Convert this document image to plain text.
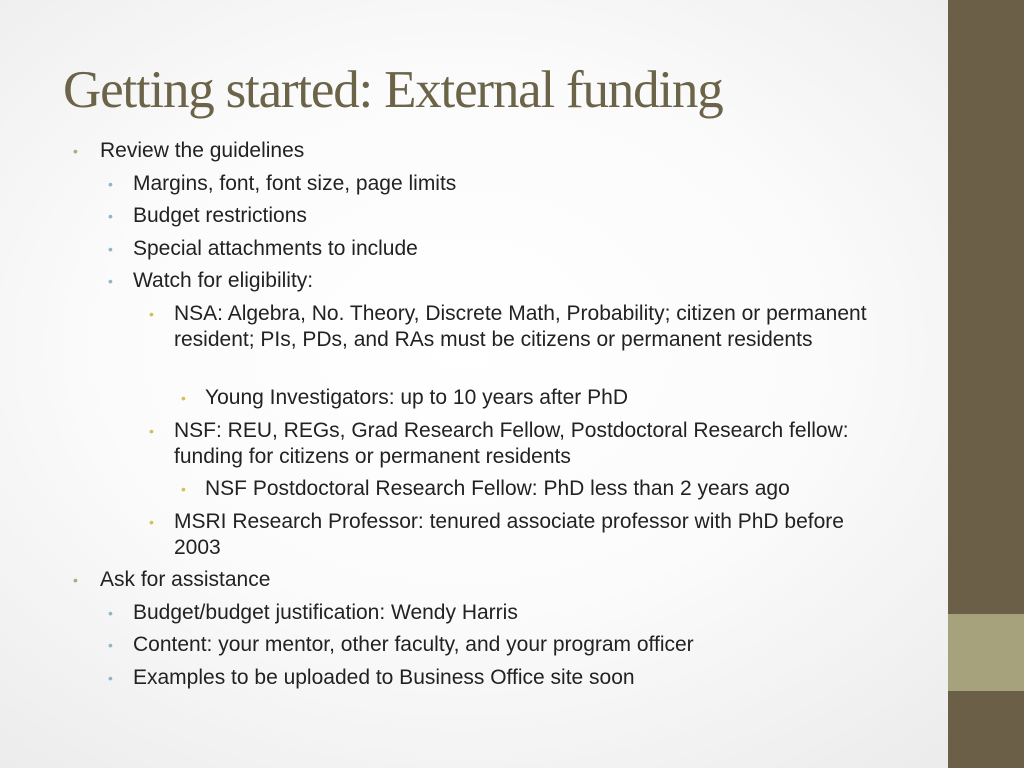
Getting started: External funding
• Review the guidelines
• Margins, font, font size, page limits
• Budget restrictions
• Special attachments to include
• Watch for eligibility:
• NSA: Algebra, No. Theory, Discrete Math, Probability; citizen or permanent resident; PIs, PDs, and RAs must be citizens or permanent residents
• Young Investigators: up to 10 years after PhD
• NSF: REU, REGs, Grad Research Fellow, Postdoctoral Research fellow: funding for citizens or permanent residents
• NSF Postdoctoral Research Fellow: PhD less than 2 years ago
• MSRI Research Professor: tenured associate professor with PhD before 2003
• Ask for assistance
• Budget/budget justification: Wendy Harris
• Content: your mentor, other faculty, and your program officer
• Examples to be uploaded to Business Office site soon
